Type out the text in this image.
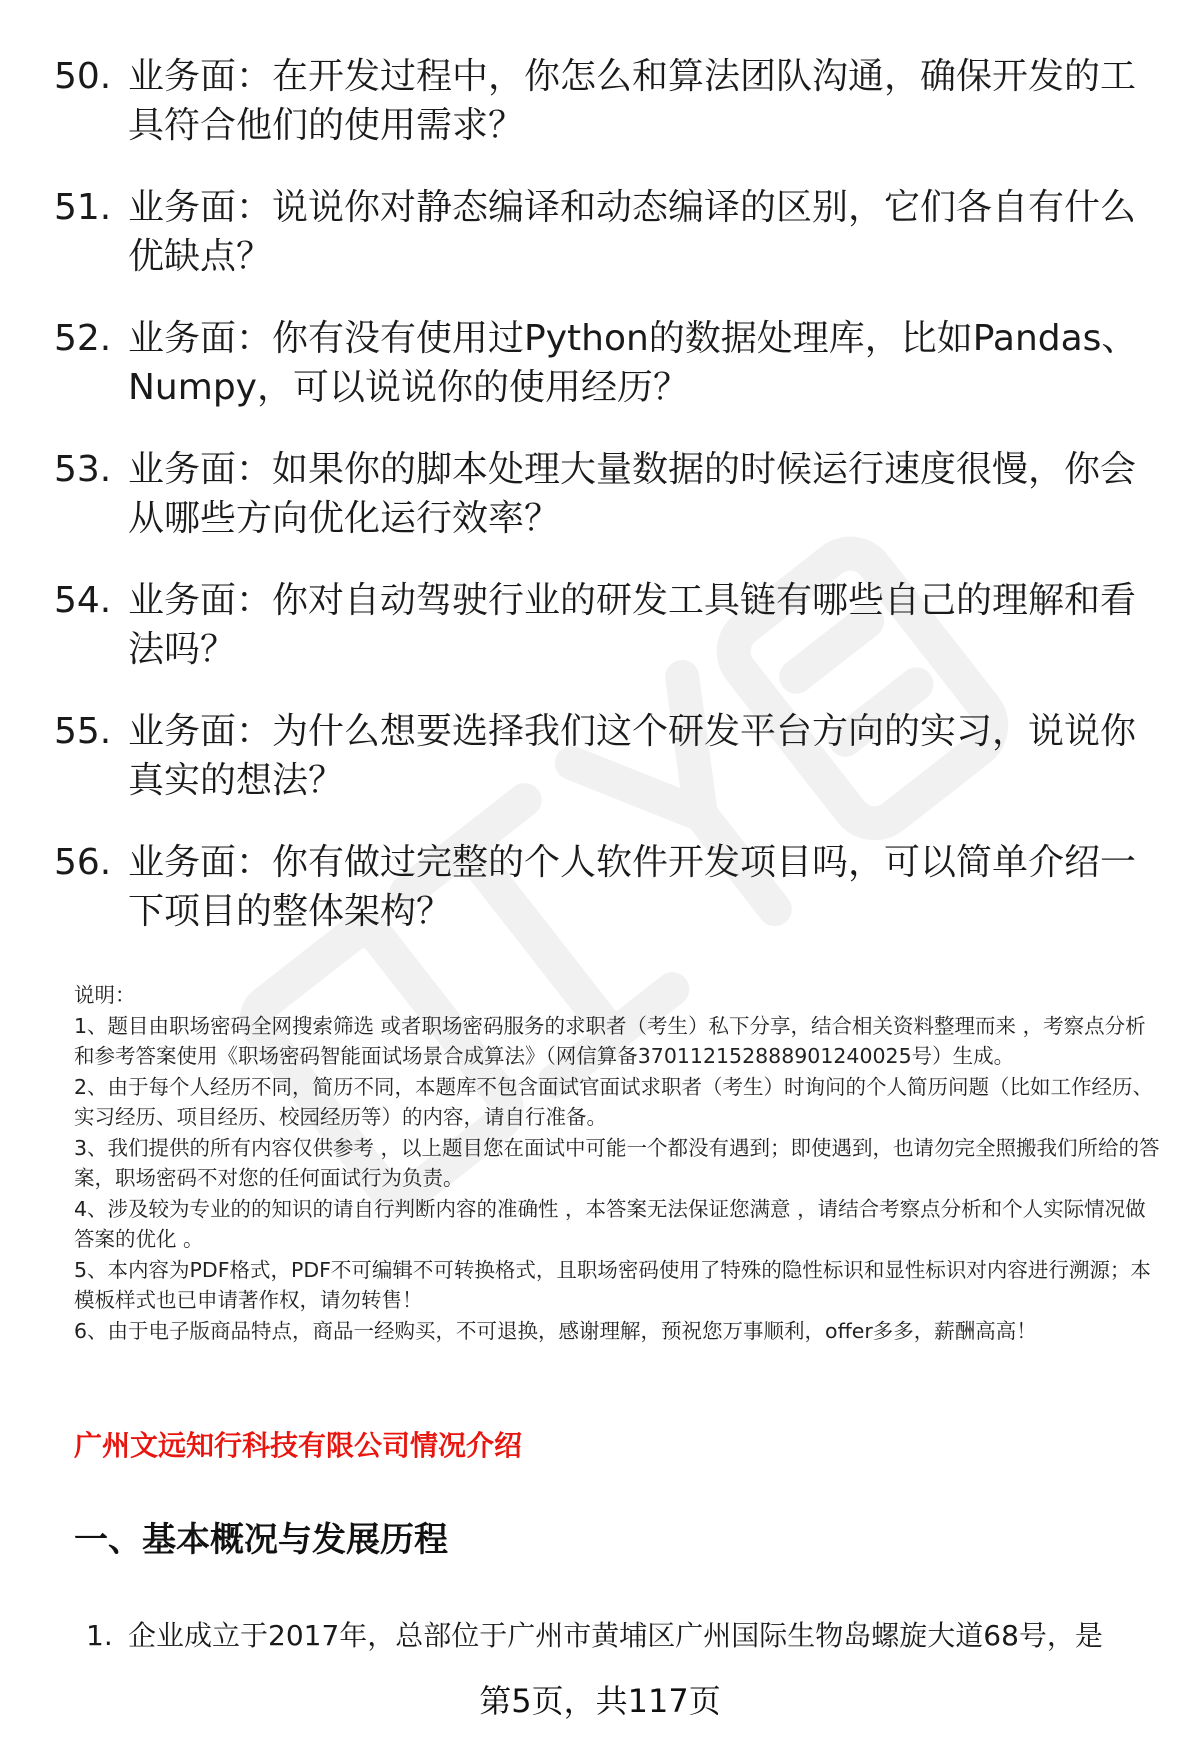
50. 业务面：在开发过程中，你怎么和算法团队沟通，确保开发的工具符合他们的使用需求？
51. 业务面：说说你对静态编译和动态编译的区别，它们各自有什么优缺点？
52. 业务面：你有没有使用过Python的数据处理库，比如Pandas、Numpy，可以说说你的使用经历？
53. 业务面：如果你的脚本处理大量数据的时候运行速度很慢，你会从哪些方向优化运行效率？
54. 业务面：你对自动驾驶行业的研发工具链有哪些自己的理解和看法吗？
55. 业务面：为什么想要选择我们这个研发平台方向的实习，说说你真实的想法？
56. 业务面：你有做过完整的个人软件开发项目吗，可以简单介绍一下项目的整体架构？

说明：

1、题目由职场密码全网搜索筛选 或者职场密码服务的求职者（考生）私下分享，结合相关资料整理而来 ，考察点分析和参考答案使用《职场密码智能面试场景合成算法》（网信算备370112152888901240025号）生成。

2、由于每个人经历不同，简历不同，本题库不包含面试官面试求职者（考生）时询问的个人简历问题（比如工作经历、实习经历、项目经历、校园经历等）的内容，请自行准备。

3、我们提供的所有内容仅供参考 ，以上题目您在面试中可能一个都没有遇到；即使遇到，也请勿完全照搬我们所给的答案，职场密码不对您的任何面试行为负责。

4、涉及较为专业的的知识的请自行判断内容的准确性 ，本答案无法保证您满意 ，请结合考察点分析和个人实际情况做答案的优化 。

5、本内容为PDF格式，PDF不可编辑不可转换格式，且职场密码使用了特殊的隐性标识和显性标识对内容进行溯源；本模板样式也已申请著作权，请勿转售！

6、由于电子版商品特点，商品一经购买，不可退换，感谢理解，预祝您万事顺利，offer多多，薪酬高高！

广州文远知行科技有限公司情况介绍
一、基本概况与发展历程
1. 企业成立于2017年，总部位于广州市黄埔区广州国际生物岛螺旋大道68号，是
第5页，共117页
